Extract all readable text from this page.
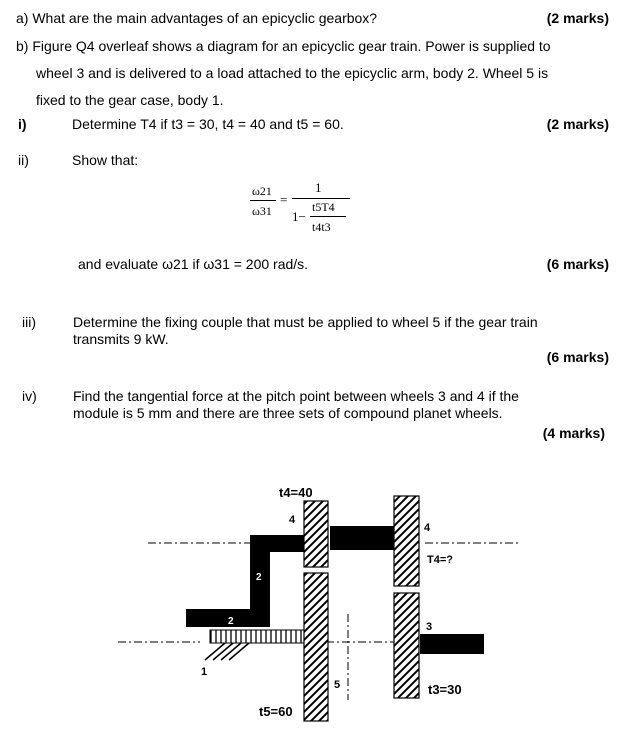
a) What are the main advantages of an epicyclic gearbox?	(2 marks)
b) Figure Q4 overleaf shows a diagram for an epicyclic gear train. Power is supplied to
wheel 3 and is delivered to a load attached to the epicyclic arm, body 2. Wheel 5 is
fixed to the gear case, body 1.
i)	Determine T4 if t3 = 30, t4 = 40 and t5 = 60.	(2 marks)
ii)	Show that:
ω21
ω31
=
1
1−
t5T4
t4t3
and evaluate ω21 if ω31 = 200 rad/s.	(6 marks)
iii)	Determine the fixing couple that must be applied to wheel 5 if the gear train
transmits 9 kW.
(6 marks)
iv)	Find the tangential force at the pitch point between wheels 3 and 4 if the
module is 5 mm and there are three sets of compound planet wheels.
(4 marks)
t4=40
4
4
T4=?
2
2	3
5	t3=30
t5=60
1
